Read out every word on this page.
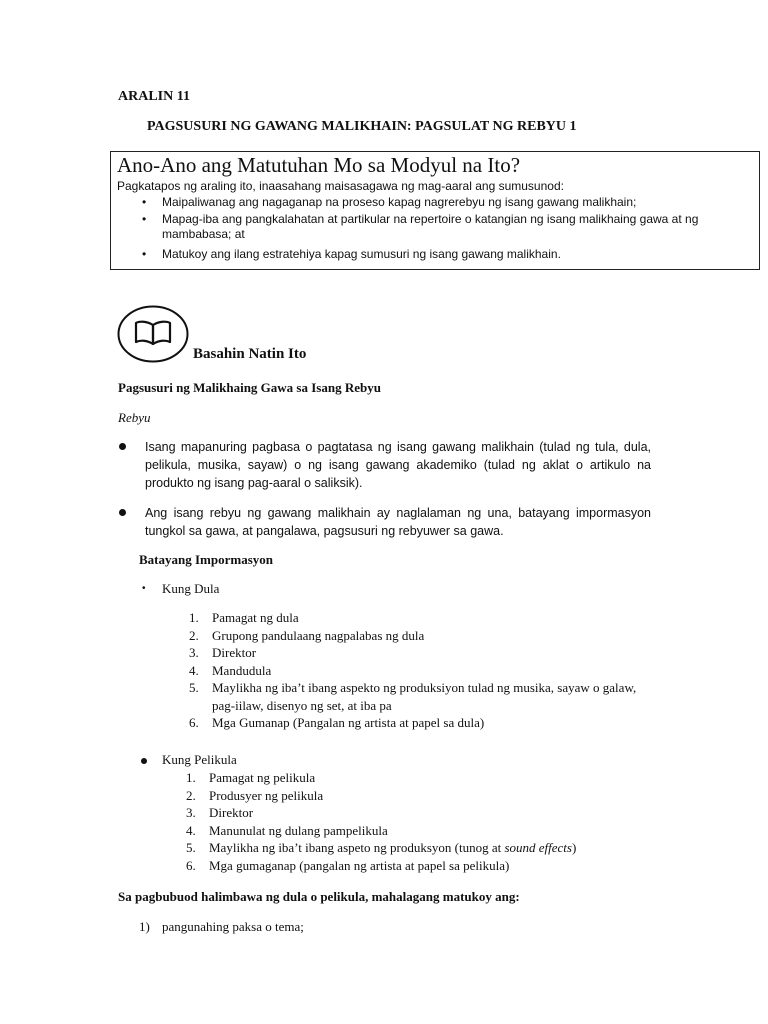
ARALIN 11
PAGSUSURI NG GAWANG MALIKHAIN: PAGSULAT NG REBYU 1
Ano-Ano ang Matutuhan Mo sa Modyul na Ito?
Pagkatapos ng araling ito, inaasahang maisasagawa ng mag-aaral ang sumusunod:
• Maipaliwanag ang nagaganap na proseso kapag nagrerebyu ng isang gawang malikhain;
• Mapag-iba ang pangkalahatan at partikular na repertoire o katangian ng isang malikhaing gawa at ng mambabasa; at
• Matukoy ang ilang estratehiya kapag sumusuri ng isang gawang malikhain.
Basahin Natin Ito
Pagsusuri ng Malikhaing Gawa sa Isang Rebyu
Rebyu
Isang mapanuring pagbasa o pagtatasa ng isang gawang malikhain (tulad ng tula, dula, pelikula, musika, sayaw) o ng isang gawang akademiko (tulad ng aklat o artikulo na produkto ng isang pag-aaral o saliksik).
Ang isang rebyu ng gawang malikhain ay naglalaman ng una, batayang impormasyon tungkol sa gawa, at pangalawa, pagsusuri ng rebyuwer sa gawa.
Batayang Impormasyon
• Kung Dula
1. Pamagat ng dula
2. Grupong pandulaang nagpalabas ng dula
3. Direktor
4. Mandudula
5. Maylikha ng iba’t ibang aspekto ng produksiyon tulad ng musika, sayaw o galaw, pag-iilaw, disenyo ng set, at iba pa
6. Mga Gumanap (Pangalan ng artista at papel sa dula)
Kung Pelikula
1. Pamagat ng pelikula
2. Produsyer ng pelikula
3. Direktor
4. Manunulat ng dulang pampelikula
5. Maylikha ng iba’t ibang aspeto ng produksyon (tunog at sound effects)
6. Mga gumaganap (pangalan ng artista at papel sa pelikula)
Sa pagbubuod halimbawa ng dula o pelikula, mahalagang matukoy ang:
1) pangunahing paksa o tema;
